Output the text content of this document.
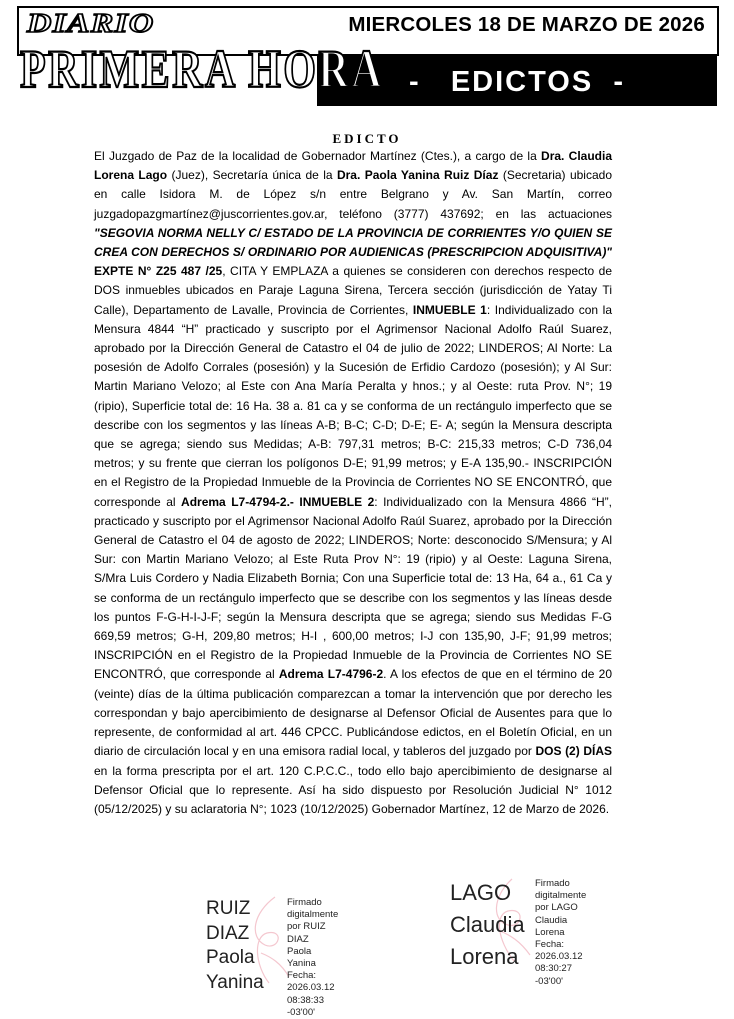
DIARIO	MIERCOLES 18 DE MARZO DE 2026
PRIMERA HORA -   EDICTOS  -
EDICTO
El Juzgado de Paz de la localidad de Gobernador Martínez (Ctes.), a cargo de la Dra. Claudia Lorena Lago (Juez), Secretaría única de la Dra. Paola Yanina Ruiz Díaz (Secretaria) ubicado en calle Isidora M. de López s/n entre Belgrano y Av. San Martín, correo juzgadopazgmartínez@juscorrientes.gov.ar, teléfono (3777) 437692; en las actuaciones "SEGOVIA NORMA NELLY C/ ESTADO DE LA PROVINCIA DE CORRIENTES Y/O QUIEN SE CREA CON DERECHOS S/ ORDINARIO POR AUDIENICAS (PRESCRIPCION ADQUISITIVA)" EXPTE N° Z25 487 /25, CITA Y EMPLAZA a quienes se consideren con derechos respecto de DOS inmuebles ubicados en Paraje Laguna Sirena, Tercera sección (jurisdicción de Yatay Ti Calle), Departamento de Lavalle, Provincia de Corrientes, INMUEBLE 1: Individualizado con la Mensura 4844 “H” practicado y suscripto por el Agrimensor Nacional Adolfo Raúl Suarez, aprobado por la Dirección General de Catastro el 04 de julio de 2022; LINDEROS; Al Norte: La posesión de Adolfo Corrales (posesión) y la Sucesión de Erfidio Cardozo (posesión); y Al Sur: Martin Mariano Velozo; al Este con Ana María Peralta y hnos.; y al Oeste: ruta Prov. N°; 19 (ripio), Superficie total de: 16 Ha. 38 a. 81 ca y se conforma de un rectángulo imperfecto que se describe con los segmentos y las líneas A-B; B-C; C-D; D-E; E- A; según la Mensura descripta que se agrega; siendo sus Medidas; A-B: 797,31 metros; B-C: 215,33 metros; C-D 736,04 metros; y su frente que cierran los polígonos D-E; 91,99 metros; y E-A 135,90.- INSCRIPCIÓN en el Registro de la Propiedad Inmueble de la Provincia de Corrientes NO SE ENCONTRÓ, que corresponde al Adrema L7-4794-2.- INMUEBLE 2: Individualizado con la Mensura 4866 “H”, practicado y suscripto por el Agrimensor Nacional Adolfo Raúl Suarez, aprobado por la Dirección General de Catastro el 04 de agosto de 2022; LINDEROS; Norte: desconocido S/Mensura; y Al Sur: con Martin Mariano Velozo; al Este Ruta Prov N°: 19 (ripio) y al Oeste: Laguna Sirena, S/Mra Luis Cordero y Nadia Elizabeth Bornia; Con una Superficie total de: 13 Ha, 64 a., 61 Ca y se conforma de un rectángulo imperfecto que se describe con los segmentos y las líneas desde los puntos F-G-H-I-J-F; según la Mensura descripta que se agrega; siendo sus Medidas F-G 669,59 metros; G-H, 209,80 metros; H-I , 600,00 metros; I-J con 135,90, J-F; 91,99 metros; INSCRIPCIÓN en el Registro de la Propiedad Inmueble de la Provincia de Corrientes NO SE ENCONTRÓ, que corresponde al Adrema L7-4796-2. A los efectos de que en el término de 20 (veinte) días de la última publicación comparezcan a tomar la intervención que por derecho les correspondan y bajo apercibimiento de designarse al Defensor Oficial de Ausentes para que lo represente, de conformidad al art. 446 CPCC. Publicándose edictos, en el Boletín Oficial, en un diario de circulación local y en una emisora radial local, y tableros del juzgado por DOS (2) DÍAS en la forma prescripta por el art. 120 C.P.C.C., todo ello bajo apercibimiento de designarse al Defensor Oficial que lo represente. Así ha sido dispuesto por Resolución Judicial N° 1012 (05/12/2025) y su aclaratoria N°; 1023 (10/12/2025) Gobernador Martínez, 12 de Marzo de 2026.
RUIZ
DIAZ
Paola
Yanina
Firmado
digitalmente
por RUIZ DIAZ
Paola Yanina
Fecha:
2026.03.12
08:38:33 -03'00'
LAGO
Claudia
Lorena
Firmado
digitalmente
por LAGO
Claudia Lorena
Fecha:
2026.03.12
08:30:27 -03'00'
